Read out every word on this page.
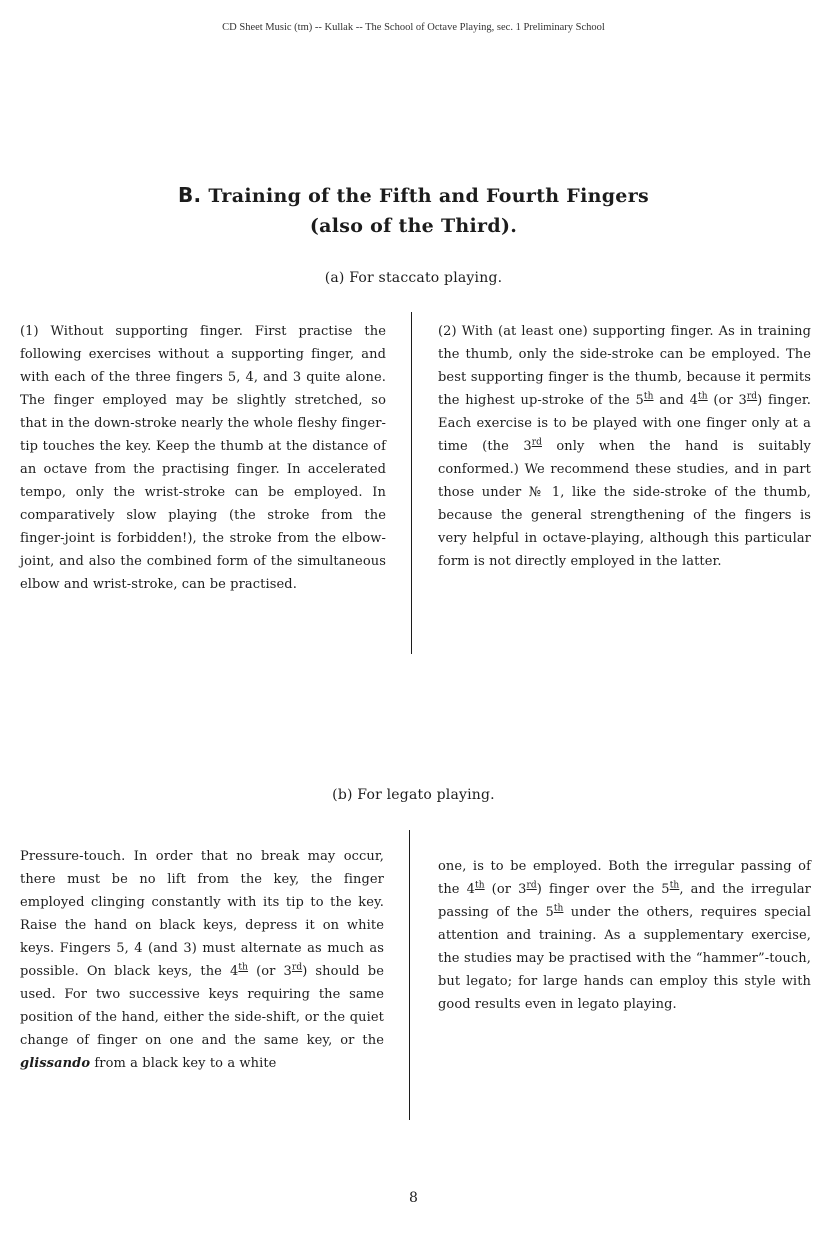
CD Sheet Music (tm) -- Kullak -- The School of Octave Playing, sec. 1 Preliminary School
B. Training of the Fifth and Fourth Fingers
(also of the Third).
(a) For staccato playing.
(1) Without supporting finger. First practise the following exercises without a supporting finger, and with each of the three fingers 5, 4, and 3 quite alone. The finger employed may be slightly stretched, so that in the down-stroke nearly the whole fleshy finger-tip touches the key. Keep the thumb at the distance of an octave from the practising finger. In accelerated tempo, only the wrist-stroke can be employed. In comparatively slow playing (the stroke from the finger-joint is forbidden!), the stroke from the elbow-joint, and also the combined form of the simultaneous elbow and wrist-stroke, can be practised.
(2) With (at least one) supporting finger. As in training the thumb, only the side-stroke can be employed. The best supporting finger is the thumb, because it permits the highest up-stroke of the 5th and 4th (or 3rd) finger. Each exercise is to be played with one finger only at a time (the 3rd only when the hand is suitably conformed.) We recommend these studies, and in part those under № 1, like the side-stroke of the thumb, because the general strengthening of the fingers is very helpful in octave-playing, although this particular form is not directly employed in the latter.
(b) For legato playing.
Pressure-touch. In order that no break may occur, there must be no lift from the key, the finger employed clinging constantly with its tip to the key. Raise the hand on black keys, depress it on white keys. Fingers 5, 4 (and 3) must alternate as much as possible. On black keys, the 4th (or 3rd) should be used. For two successive keys requiring the same position of the hand, either the side-shift, or the quiet change of finger on one and the same key, or the glissando from a black key to a white
one, is to be employed. Both the irregular passing of the 4th (or 3rd) finger over the 5th, and the irregular passing of the 5th under the others, requires special attention and training. As a supplementary exercise, the studies may be practised with the “hammer”-touch, but legato; for large hands can employ this style with good results even in legato playing.
8
